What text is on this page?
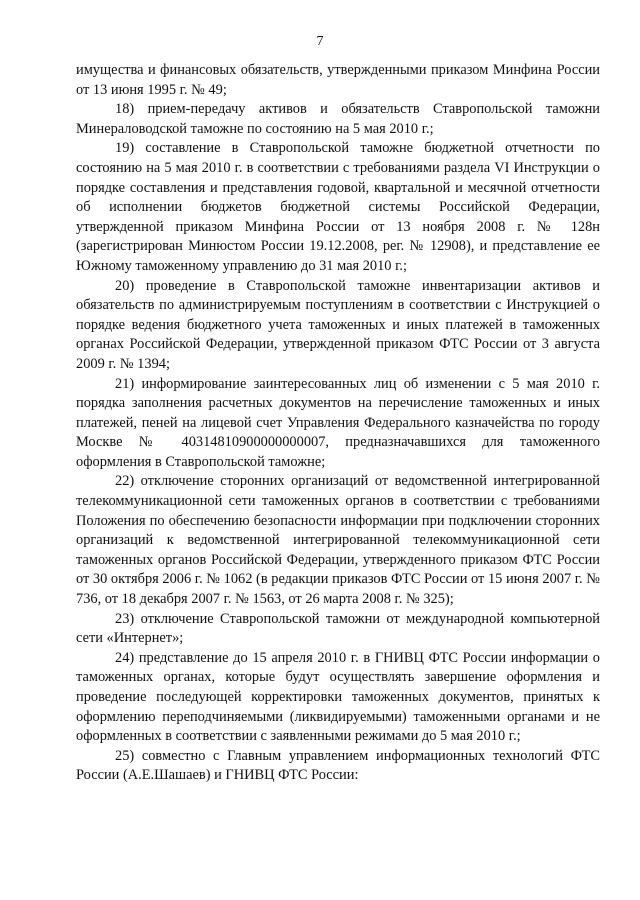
7

имущества и финансовых обязательств, утвержденными приказом Минфина России от 13 июня 1995 г. № 49;

18) прием-передачу активов и обязательств Ставропольской таможни Минераловодской таможне по состоянию на 5 мая 2010 г.;

19) составление в Ставропольской таможне бюджетной отчетности по состоянию на 5 мая 2010 г. в соответствии с требованиями раздела VI Инструкции о порядке составления и представления годовой, квартальной и месячной отчетности об исполнении бюджетов бюджетной системы Российской Федерации, утвержденной приказом Минфина России от 13 ноября 2008 г. № 128н (зарегистрирован Минюстом России 19.12.2008, рег. № 12908), и представление ее Южному таможенному управлению до 31 мая 2010 г.;

20) проведение в Ставропольской таможне инвентаризации активов и обязательств по администрируемым поступлениям в соответствии с Инструкцией о порядке ведения бюджетного учета таможенных и иных платежей в таможенных органах Российской Федерации, утвержденной приказом ФТС России от 3 августа 2009 г. № 1394;

21) информирование заинтересованных лиц об изменении с 5 мая 2010 г. порядка заполнения расчетных документов на перечисление таможенных и иных платежей, пеней на лицевой счет Управления Федерального казначейства по городу Москве № 40314810900000000007, предназначавшихся для таможенного оформления в Ставропольской таможне;

22) отключение сторонних организаций от ведомственной интегрированной телекоммуникационной сети таможенных органов в соответствии с требованиями Положения по обеспечению безопасности информации при подключении сторонних организаций к ведомственной интегрированной телекоммуникационной сети таможенных органов Российской Федерации, утвержденного приказом ФТС России от 30 октября 2006 г. № 1062 (в редакции приказов ФТС России от 15 июня 2007 г. № 736, от 18 декабря 2007 г. № 1563, от 26 марта 2008 г. № 325);

23) отключение Ставропольской таможни от международной компьютерной сети «Интернет»;

24) представление до 15 апреля 2010 г. в ГНИВЦ ФТС России информации о таможенных органах, которые будут осуществлять завершение оформления и проведение последующей корректировки таможенных документов, принятых к оформлению переподчиняемыми (ликвидируемыми) таможенными органами и не оформленных в соответствии с заявленными режимами до 5 мая 2010 г.;

25) совместно с Главным управлением информационных технологий ФТС России (А.Е.Шашаев) и ГНИВЦ ФТС России:
